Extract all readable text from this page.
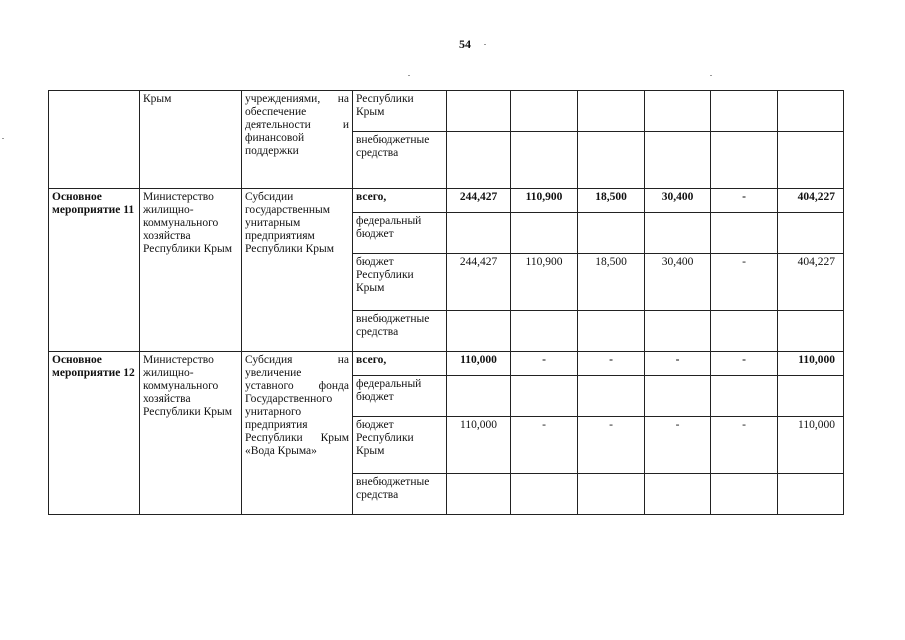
54
	Крым	учреждениями, на обеспечение деятельности и финансовой поддержки	Республики Крым						
			внебюджетные средства						
Основное мероприятие 11	Министерство жилищно-коммунального хозяйства Республики Крым	Субсидии государственным унитарным предприятиям Республики Крым	всего,	244,427	110,900	18,500	30,400	-	404,227
			федеральный бюджет						
			бюджет Республики Крым	244,427	110,900	18,500	30,400	-	404,227
			внебюджетные средства						
Основное мероприятие 12	Министерство жилищно-коммунального хозяйства Республики Крым	Субсидия на увеличение уставного фонда Государственного унитарного предприятия Республики Крым «Вода Крыма»	всего,	110,000	-	-	-	-	110,000
			федеральный бюджет						
			бюджет Республики Крым	110,000	-	-	-	-	110,000
			внебюджетные средства						
